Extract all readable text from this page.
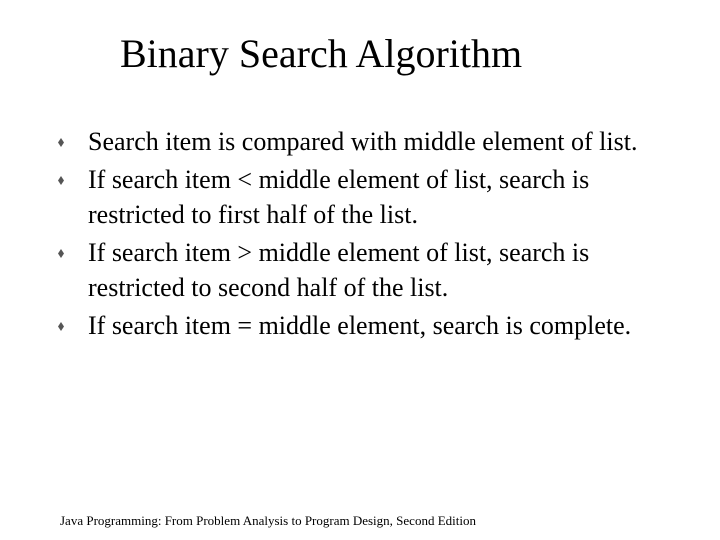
Binary Search Algorithm
Search item is compared with middle element of list.
If search item < middle element of list, search is restricted to first half of the list.
If search item > middle element of list, search is restricted to second half of the list.
If search item = middle element, search is complete.
Java Programming: From Problem Analysis to Program Design, Second Edition
